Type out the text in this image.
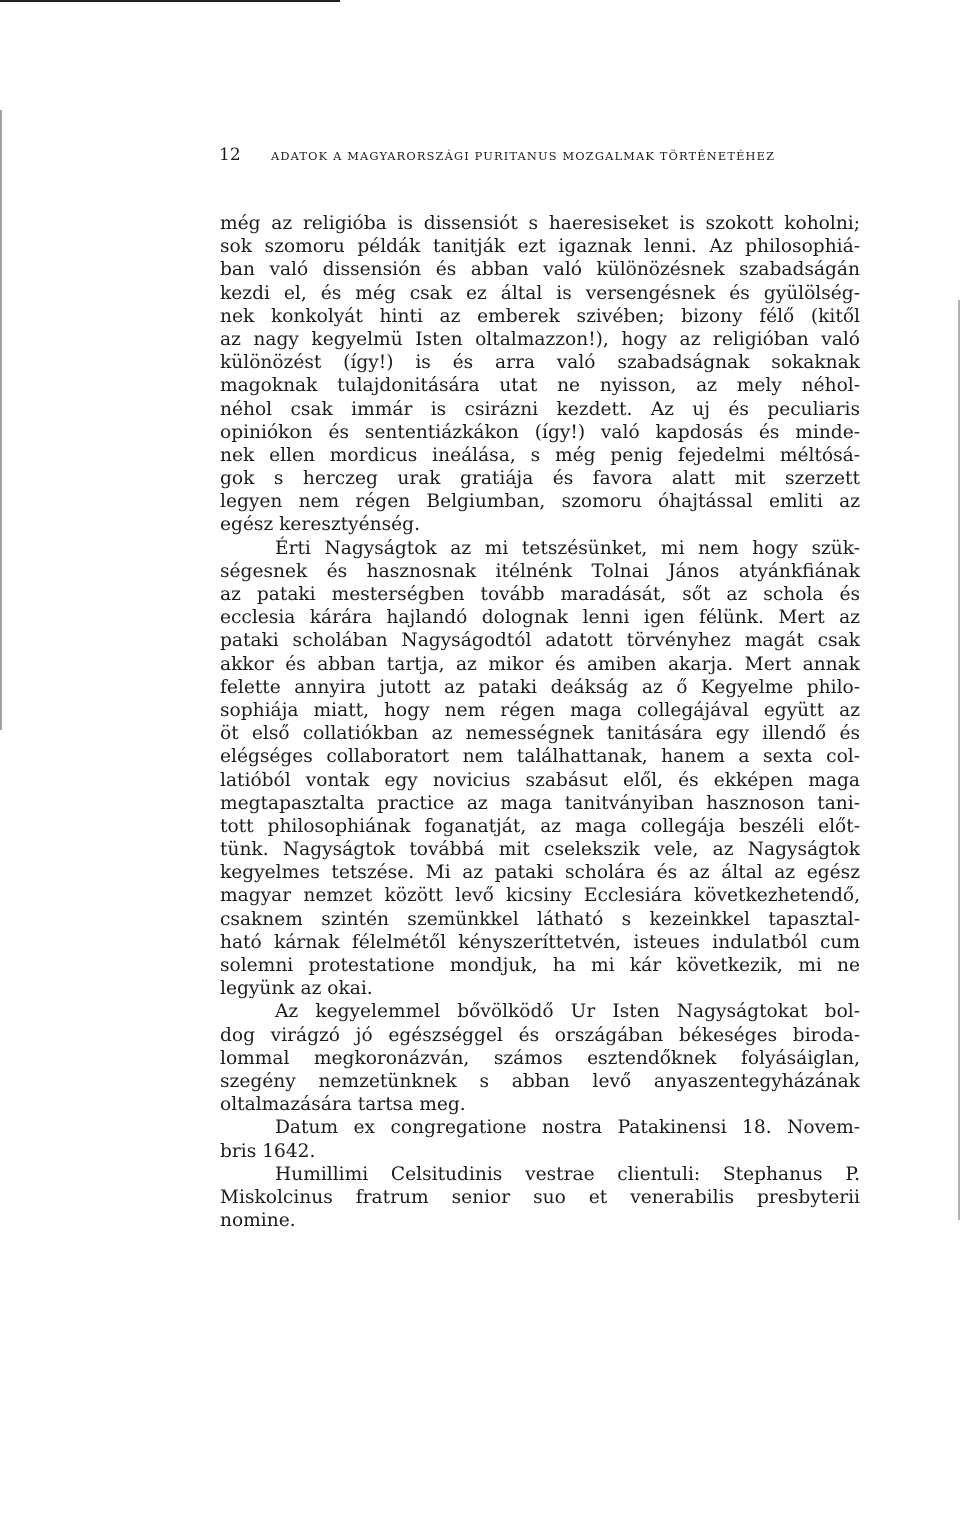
12	ADATOK A MAGYARORSZÁGI PURITANUS MOZGALMAK TÖRTÉNETÉHEZ
még az religióba is dissensiót s haeresiseket is szokott koholni;
sok szomoru példák tanitják ezt igaznak lenni. Az philosophiá-
ban való dissensión és abban való különözésnek szabadságán
kezdi el, és még csak ez által is versengésnek és gyülölség-
nek konkolyát hinti az emberek szivében; bizony félő (kitől
az nagy kegyelmü Isten oltalmazzon!), hogy az religióban való
különözést (így!) is és arra való szabadságnak sokaknak
magoknak tulajdonitására utat ne nyisson, az mely néhol-
néhol csak immár is csirázni kezdett. Az uj és peculiaris
opiniókon és sententiázkákon (így!) való kapdosás és minde-
nek ellen mordicus ineálása, s még penig fejedelmi méltósá-
gok s herczeg urak gratiája és favora alatt mit szerzett
legyen nem régen Belgiumban, szomoru óhajtással emliti az
egész keresztyénség.
Érti Nagyságtok az mi tetszésünket, mi nem hogy szük-
ségesnek és hasznosnak itélnénk Tolnai János atyánkfiának
az pataki mesterségben tovább maradását, sőt az schola és
ecclesia kárára hajlandó dolognak lenni igen félünk. Mert az
pataki scholában Nagyságodtól adatott törvényhez magát csak
akkor és abban tartja, az mikor és amiben akarja. Mert annak
felette annyira jutott az pataki deákság az ő Kegyelme philo-
sophiája miatt, hogy nem régen maga collegájával együtt az
öt első collatiókban az nemességnek tanitására egy illendő és
elégséges collaboratort nem találhattanak, hanem a sexta col-
latióból vontak egy novicius szabásut elől, és ekképen maga
megtapasztalta practice az maga tanitványiban hasznoson tani-
tott philosophiának foganatját, az maga collegája beszéli előt-
tünk. Nagyságtok továbbá mit cselekszik vele, az Nagyságtok
kegyelmes tetszése. Mi az pataki scholára és az által az egész
magyar nemzet között levő kicsiny Ecclesiára következhetendő,
csaknem szintén szemünkkel látható s kezeinkkel tapasztal-
ható kárnak félelmétől kényszeríttetvén, isteues indulatból cum
solemni protestatione mondjuk, ha mi kár következik, mi ne
legyünk az okai.
Az kegyelemmel bővölködő Ur Isten Nagyságtokat bol-
dog virágzó jó egészséggel és országában békeséges biroda-
lommal megkoronázván, számos esztendőknek folyásáiglan,
szegény nemzetünknek s abban levő anyaszentegyházának
oltalmazására tartsa meg.
Datum ex congregatione nostra Patakinensi 18. Novem-
bris 1642.
Humillimi Celsitudinis vestrae clientuli: Stephanus P.
Miskolcinus fratrum senior suo et venerabilis presbyterii
nomine.
